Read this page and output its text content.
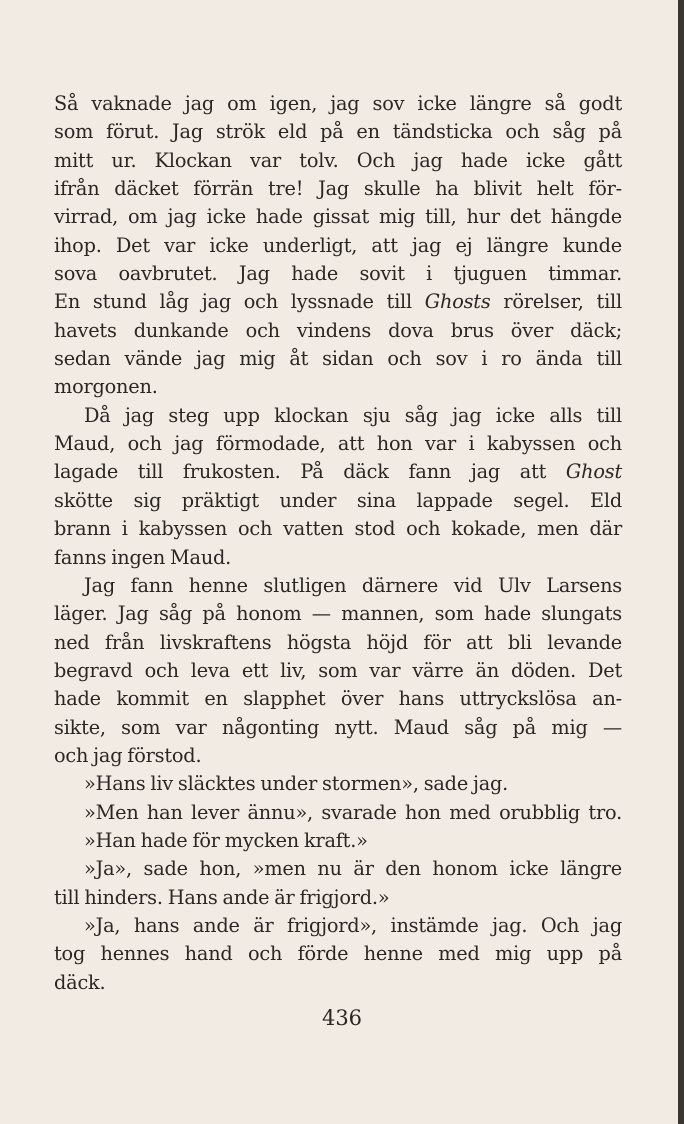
Så vaknade jag om igen, jag sov icke längre så godt
som förut. Jag strök eld på en tändsticka och såg på
mitt ur. Klockan var tolv. Och jag hade icke gått
ifrån däcket förrän tre! Jag skulle ha blivit helt för-
virrad, om jag icke hade gissat mig till, hur det hängde
ihop. Det var icke underligt, att jag ej längre kunde
sova oavbrutet. Jag hade sovit i tjuguen timmar.
En stund låg jag och lyssnade till Ghosts rörelser, till
havets dunkande och vindens dova brus över däck;
sedan vände jag mig åt sidan och sov i ro ända till
morgonen.
Då jag steg upp klockan sju såg jag icke alls till
Maud, och jag förmodade, att hon var i kabyssen och
lagade till frukosten. På däck fann jag att Ghost
skötte sig präktigt under sina lappade segel. Eld
brann i kabyssen och vatten stod och kokade, men där
fanns ingen Maud.
Jag fann henne slutligen därnere vid Ulv Larsens
läger. Jag såg på honom — mannen, som hade slungats
ned från livskraftens högsta höjd för att bli levande
begravd och leva ett liv, som var värre än döden. Det
hade kommit en slapphet över hans uttryckslösa an-
sikte, som var någonting nytt. Maud såg på mig —
och jag förstod.
»Hans liv släcktes under stormen», sade jag.
»Men han lever ännu», svarade hon med orubblig tro.
»Han hade för mycken kraft.»
»Ja», sade hon, »men nu är den honom icke längre
till hinders. Hans ande är frigjord.»
»Ja, hans ande är frigjord», instämde jag. Och jag
tog hennes hand och förde henne med mig upp på
däck.
436
